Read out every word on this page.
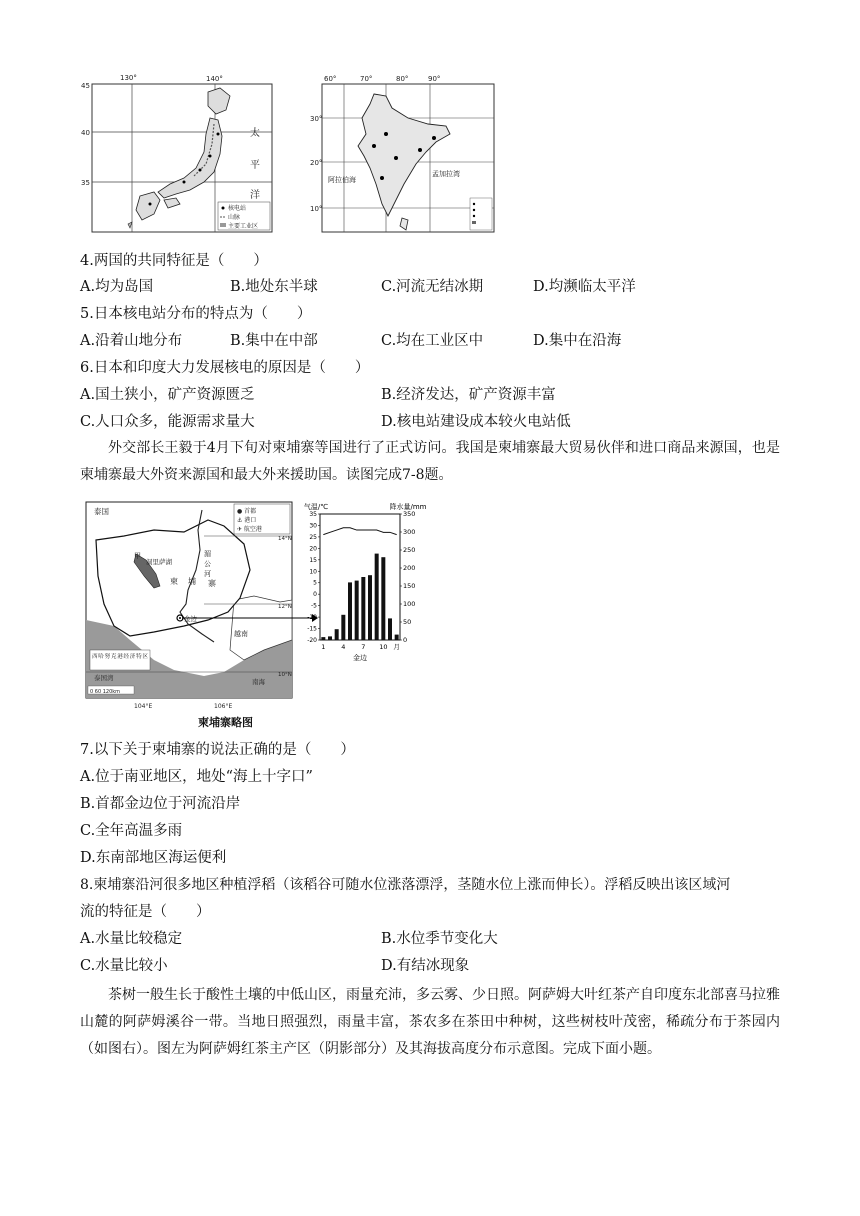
130°	140°
45
40
35
太
平
洋
核电站
山脉
主要工业区
60°	70°	80°	90°
30°
20°
10°
阿拉伯海
孟加拉湾
4.两国的共同特征是（　　）
A.均为岛国	B.地处东半球	C.河流无结冰期	D.均濒临太平洋
5.日本核电站分布的特点为（　　）
A.沿着山地分布	B.集中在中部	C.均在工业区中	D.集中在沿海
6.日本和印度大力发展核电的原因是（　　）
A.国土狭小，矿产资源匮乏	B.经济发达，矿产资源丰富
C.人口众多，能源需求量大	D.核电站建设成本较火电站低
外交部长王毅于4月下旬对柬埔寨等国进行了正式访问。我国是柬埔寨最大贸易伙伴和进口商品来源国，也是柬埔寨最大外资来源国和最大外来援助国。读图完成7-8题。
● 首都
⚓ 港口
✈ 航空港
泰国
甲
洞里萨湖
柬 埔
湄
公
河
寨
金边
越南
西哈努克港经济特区
泰国湾	南海
14°N
12°N
10°N
104°E	106°E
0 60 120km
柬埔寨略图
35
30
25
20
15
10
5
0
-5
-10
-15
-20
350
300
250
200
150
100
50
0
1 4 7 10 月
金边
气温/℃	降水量/mm
7.以下关于柬埔寨的说法正确的是（　　）
A.位于南亚地区，地处“海上十字口”
B.首都金边位于河流沿岸
C.全年高温多雨
D.东南部地区海运便利
8.柬埔寨沿河很多地区种植浮稻（该稻谷可随水位涨落漂浮，茎随水位上涨而伸长）。浮稻反映出该区域河
流的特征是（　　）
A.水量比较稳定	B.水位季节变化大
C.水量比较小	D.有结冰现象
茶树一般生长于酸性土壤的中低山区，雨量充沛，多云雾、少日照。阿萨姆大叶红茶产自印度东北部喜马拉雅山麓的阿萨姆溪谷一带。当地日照强烈，雨量丰富，茶农多在茶田中种树，这些树枝叶茂密，稀疏分布于茶园内（如图右）。图左为阿萨姆红茶主产区（阴影部分）及其海拔高度分布示意图。完成下面小题。
